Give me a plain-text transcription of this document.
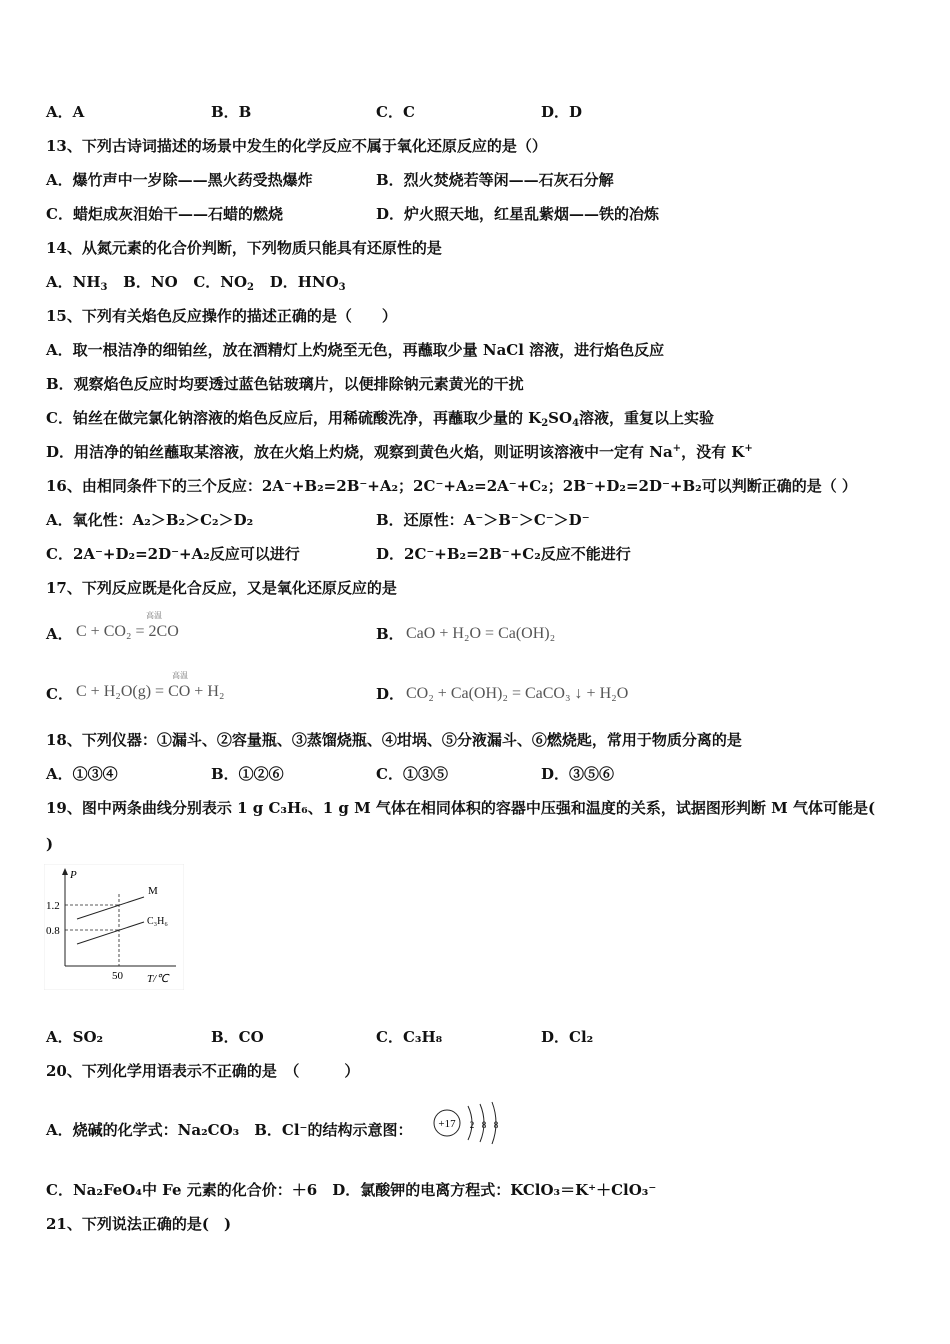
A．A	B．B	C．C	D．D
13、下列古诗词描述的场景中发生的化学反应不属于氧化还原反应的是（）
A．爆竹声中一岁除——黑火药受热爆炸	B．烈火焚烧若等闲——石灰石分解
C．蜡炬成灰泪始干——石蜡的燃烧	D．炉火照天地，红星乱紫烟——铁的冶炼
14、从氮元素的化合价判断，下列物质只能具有还原性的是
A．$NH_3$ B．NO C．$NO_2$ D．$HNO_3$
15、下列有关焰色反应操作的描述正确的是（　　）
A．取一根洁净的细铂丝，放在酒精灯上灼烧至无色，再蘸取少量 NaCl 溶液，进行焰色反应
B．观察焰色反应时均要透过蓝色钴玻璃片，以便排除钠元素黄光的干扰
C．铂丝在做完氯化钠溶液的焰色反应后，用稀硫酸洗净，再蘸取少量的 $K_2SO_4$溶液，重复以上实验
D．用洁净的铂丝蘸取某溶液，放在火焰上灼烧，观察到黄色火焰，则证明该溶液中一定有 Na+，没有 K+
16、由相同条件下的三个反应：2A⁻+B₂=2B⁻+A₂；2C⁻+A₂=2A⁻+C₂；2B⁻+D₂=2D⁻+B₂可以判断正确的是（ ）
A．氧化性：A₂＞B₂＞C₂＞D₂	B．还原性：A⁻＞B⁻＞C⁻＞D⁻
C．2A⁻+D₂=2D⁻+A₂反应可以进行	D．2C⁻+B₂=2B⁻+C₂反应不能进行
17、下列反应既是化合反应，又是氧化还原反应的是
A．
高温
C + CO₂ = 2CO	B． CaO + H₂O = Ca(OH)₂
C．
高温
C + H₂O(g) = CO + H₂	D． CO₂ + Ca(OH)₂ = CaCO₃ ↓ + H₂O
18、下列仪器：①漏斗、②容量瓶、③蒸馏烧瓶、④坩埚、⑤分液漏斗、⑥燃烧匙，常用于物质分离的是
A．①③④	B．①②⑥	C．①③⑤	D．③⑤⑥
19、图中两条曲线分别表示 1 g C₃H₆、1 g M 气体在相同体积的容器中压强和温度的关系，试据图形判断 M 气体可能是(
)
P
1.2
0.8
M
C₃H₆
50 T/℃
A．SO₂	B．CO	C．C₃H₈	D．Cl₂
20、下列化学用语表示不正确的是　（　　　）
A．烧碱的化学式：Na₂CO₃　B．Cl⁻的结构示意图： +17 2 8 8
C．Na₂FeO₄中 Fe 元素的化合价：＋6　D．氯酸钾的电离方程式：KClO₃＝K⁺＋ClO₃⁻
21、下列说法正确的是(　)
